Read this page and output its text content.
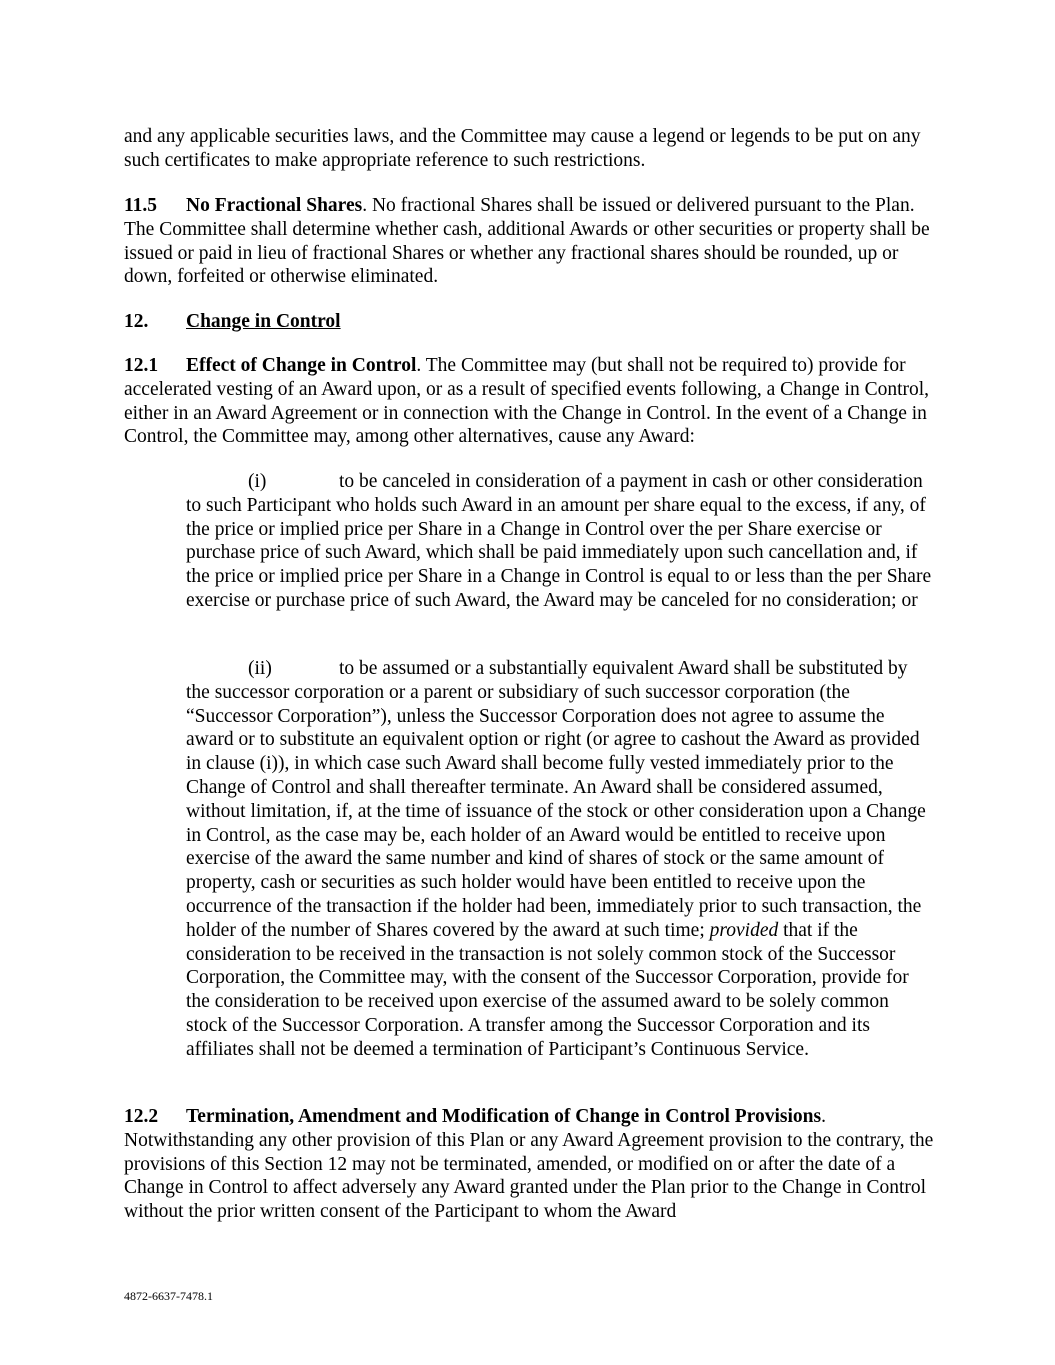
and any applicable securities laws, and the Committee may cause a legend or legends to be put on any such certificates to make appropriate reference to such restrictions.

11.5 No Fractional Shares. No fractional Shares shall be issued or delivered pursuant to the Plan. The Committee shall determine whether cash, additional Awards or other securities or property shall be issued or paid in lieu of fractional Shares or whether any fractional shares should be rounded, up or down, forfeited or otherwise eliminated.

12. Change in Control

12.1 Effect of Change in Control. The Committee may (but shall not be required to) provide for accelerated vesting of an Award upon, or as a result of specified events following, a Change in Control, either in an Award Agreement or in connection with the Change in Control. In the event of a Change in Control, the Committee may, among other alternatives, cause any Award:

(i)	to be canceled in consideration of a payment in cash or other consideration to such Participant who holds such Award in an amount per share equal to the excess, if any, of the price or implied price per Share in a Change in Control over the per Share exercise or purchase price of such Award, which shall be paid immediately upon such cancellation and, if the price or implied price per Share in a Change in Control is equal to or less than the per Share exercise or purchase price of such Award, the Award may be canceled for no consideration; or

(ii)	to be assumed or a substantially equivalent Award shall be substituted by the successor corporation or a parent or subsidiary of such successor corporation (the “Successor Corporation”), unless the Successor Corporation does not agree to assume the award or to substitute an equivalent option or right (or agree to cashout the Award as provided in clause (i)), in which case such Award shall become fully vested immediately prior to the Change of Control and shall thereafter terminate. An Award shall be considered assumed, without limitation, if, at the time of issuance of the stock or other consideration upon a Change in Control, as the case may be, each holder of an Award would be entitled to receive upon exercise of the award the same number and kind of shares of stock or the same amount of property, cash or securities as such holder would have been entitled to receive upon the occurrence of the transaction if the holder had been, immediately prior to such transaction, the holder of the number of Shares covered by the award at such time; provided that if the consideration to be received in the transaction is not solely common stock of the Successor Corporation, the Committee may, with the consent of the Successor Corporation, provide for the consideration to be received upon exercise of the assumed award to be solely common stock of the Successor Corporation. A transfer among the Successor Corporation and its affiliates shall not be deemed a termination of Participant’s Continuous Service.

12.2 Termination, Amendment and Modification of Change in Control Provisions.
Notwithstanding any other provision of this Plan or any Award Agreement provision to the contrary, the provisions of this Section 12 may not be terminated, amended, or modified on or after the date of a Change in Control to affect adversely any Award granted under the Plan prior to the Change in Control without the prior written consent of the Participant to whom the Award

4872-6637-7478.1
